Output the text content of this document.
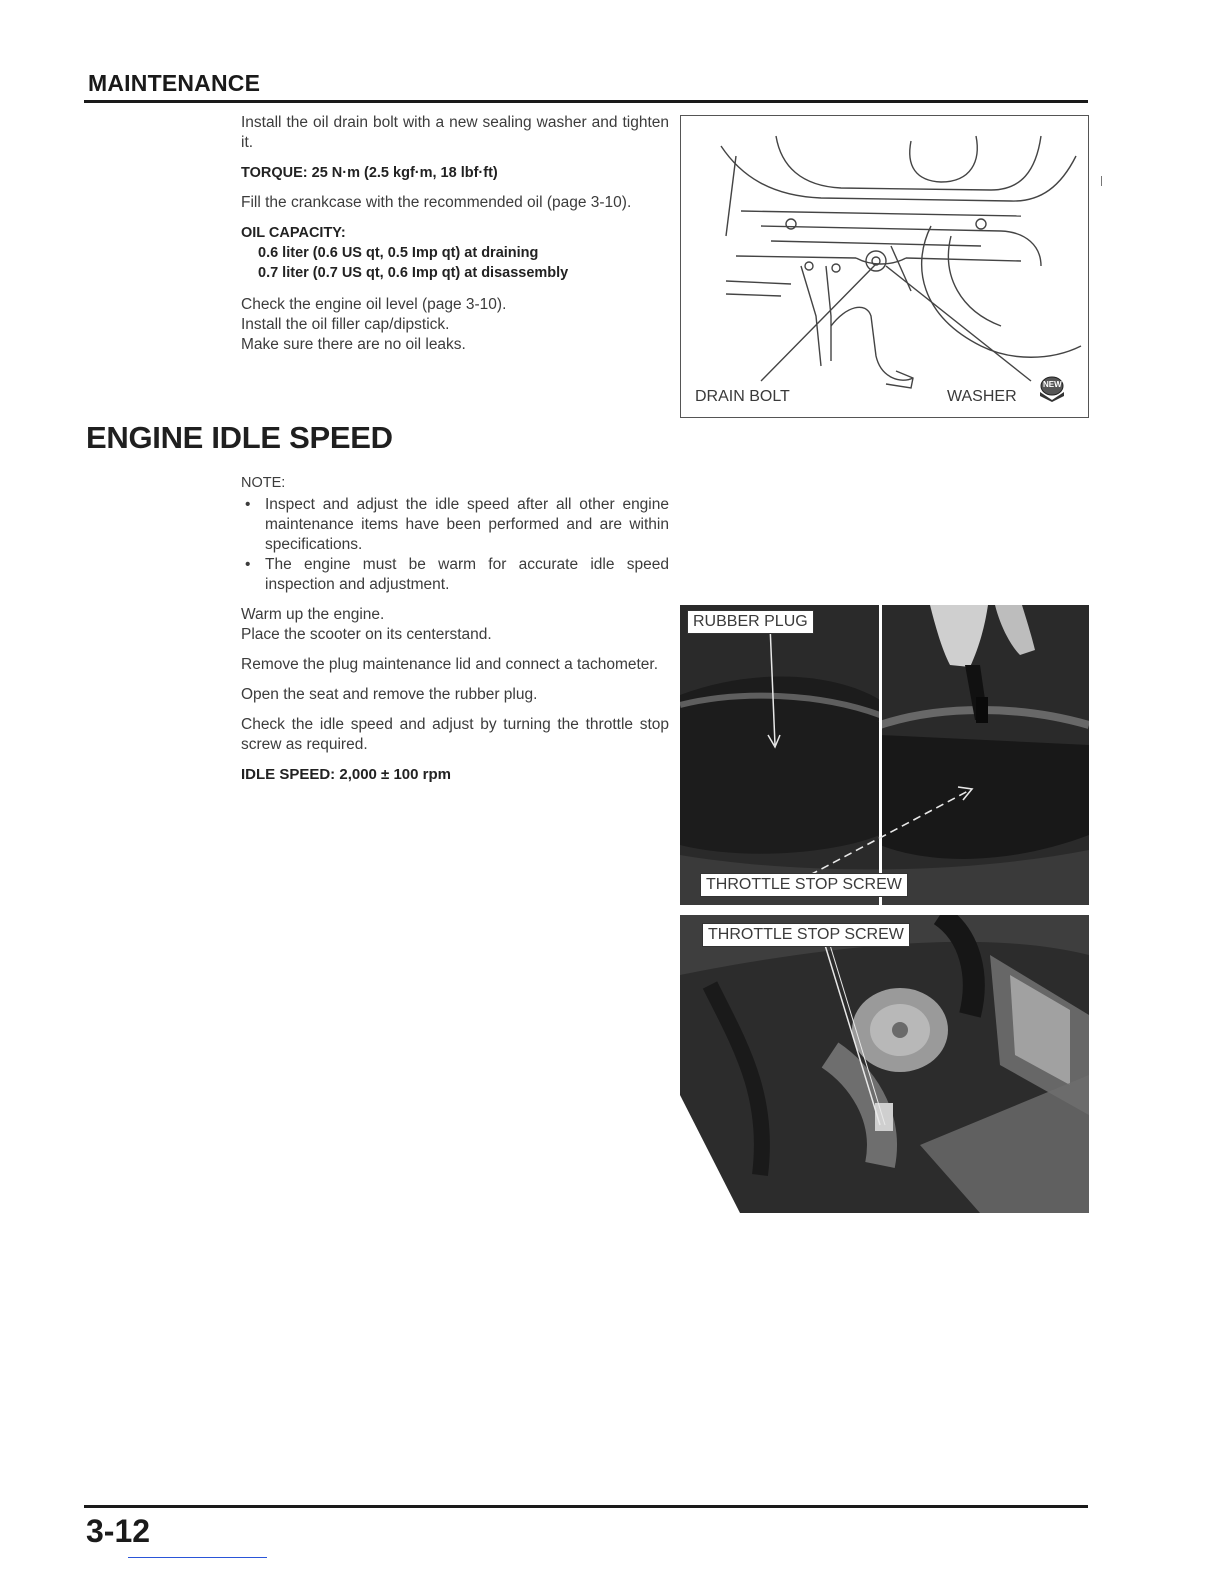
MAINTENANCE

Install the oil drain bolt with a new sealing washer and tighten it.

TORQUE: 25 N·m (2.5 kgf·m, 18 lbf·ft)

Fill the crankcase with the recommended oil (page 3-10).

OIL CAPACITY:
0.6 liter (0.6 US qt, 0.5 Imp qt) at draining
0.7 liter (0.7 US qt, 0.6 Imp qt) at disassembly
Check the engine oil level (page 3-10).
Install the oil filler cap/dipstick.
Make sure there are no oil leaks.
DRAIN BOLT	WASHER
NEW
ENGINE IDLE SPEED
NOTE:
• Inspect and adjust the idle speed after all other engine maintenance items have been performed and are within specifications.
• The engine must be warm for accurate idle speed inspection and adjustment.
Warm up the engine.

Place the scooter on its centerstand.

Remove the plug maintenance lid and connect a tachometer.

Open the seat and remove the rubber plug.

Check the idle speed and adjust by turning the throttle stop screw as required.

IDLE SPEED: 2,000 ± 100 rpm

RUBBER PLUG
THROTTLE STOP SCREW
THROTTLE STOP SCREW
3-12
